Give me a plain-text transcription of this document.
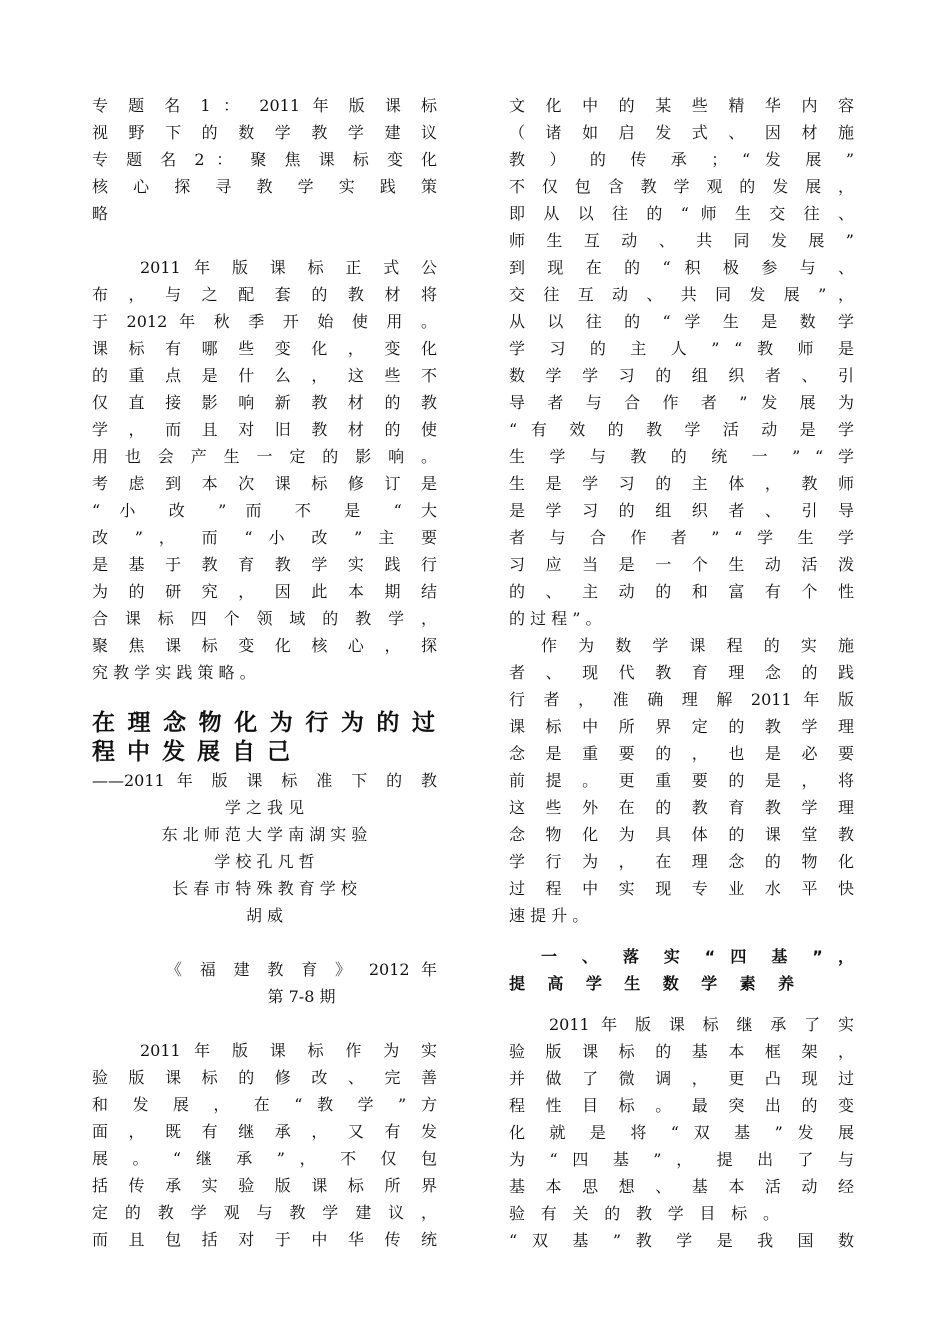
专 题 名 1 ： 2011 年 版 课 标
视 野 下 的 数 学 教 学 建 议
专 题 名 2 ： 聚 焦 课 标 变 化
核 心 探 寻 教 学 实 践 策
略
2011 年 版 课 标 正 式 公
布 ， 与 之 配 套 的 教 材 将
于 2012 年 秋 季 开 始 使 用 。
课 标 有 哪 些 变 化 ， 变 化
的 重 点 是 什 么 ， 这 些 不
仅 直 接 影 响 新 教 材 的 教
学 ， 而 且 对 旧 教 材 的 使
用 也 会 产 生 一 定 的 影 响 。
考 虑 到 本 次 课 标 修 订 是
“ 小 改 ” 而 不 是 “ 大
改 ” ， 而 “ 小 改 ” 主 要
是 基 于 教 育 教 学 实 践 行
为 的 研 究 ， 因 此 本 期 结
合 课 标 四 个 领 域 的 教 学 ，
聚 焦 课 标 变 化 核 心 ， 探
究 教 学 实 践 策 略 。
在 理 念 物 化 为 行 为 的 过
程 中 发 展 自 己
——2011 年 版 课 标 准 下 的 教
学 之 我 见
东 北 师 范 大 学 南 湖 实 验
学 校 孔 凡 哲
长 春 市 特 殊 教 育 学 校
胡 威
《 福 建 教 育 》 2012 年
第 7-8 期
2011 年 版 课 标 作 为 实
验 版 课 标 的 修 改 、 完 善
和 发 展 ， 在 “ 教 学 ” 方
面 ， 既 有 继 承 ， 又 有 发
展 。 “ 继 承 ” ， 不 仅 包
括 传 承 实 验 版 课 标 所 界
定 的 教 学 观 与 教 学 建 议 ，
而 且 包 括 对 于 中 华 传 统
文 化 中 的 某 些 精 华 内 容
（ 诸 如 启 发 式 、 因 材 施
教 ） 的 传 承 ； “ 发 展 ”
不 仅 包 含 教 学 观 的 发 展 ，
即 从 以 往 的 “ 师 生 交 往 、
师 生 互 动 、 共 同 发 展 ”
到 现 在 的 “ 积 极 参 与 、
交 往 互 动 、 共 同 发 展 ” ，
从 以 往 的 “ 学 生 是 数 学
学 习 的 主 人 ” “ 教 师 是
数 学 学 习 的 组 织 者 、 引
导 者 与 合 作 者 ” 发 展 为
“ 有 效 的 教 学 活 动 是 学
生 学 与 教 的 统 一 ” “ 学
生 是 学 习 的 主 体 ， 教 师
是 学 习 的 组 织 者 、 引 导
者 与 合 作 者 ” “ 学 生 学
习 应 当 是 一 个 生 动 活 泼
的 、 主 动 的 和 富 有 个 性
的 过 程 ” 。
作 为 数 学 课 程 的 实 施
者 、 现 代 教 育 理 念 的 践
行 者 ， 准 确 理 解 2011 年 版
课 标 中 所 界 定 的 教 学 理
念 是 重 要 的 ， 也 是 必 要
前 提 。 更 重 要 的 是 ， 将
这 些 外 在 的 教 育 教 学 理
念 物 化 为 具 体 的 课 堂 教
学 行 为 ， 在 理 念 的 物 化
过 程 中 实 现 专 业 水 平 快
速 提 升 。
一 、 落 实 “ 四 基 ” ，
提 高 学 生 数 学 素 养
2011 年 版 课 标 继 承 了 实
验 版 课 标 的 基 本 框 架 ，
并 做 了 微 调 ， 更 凸 现 过
程 性 目 标 。 最 突 出 的 变
化 就 是 将 “ 双 基 ” 发 展
为 “ 四 基 ” ， 提 出 了 与
基 本 思 想 、 基 本 活 动 经
验 有 关 的 教 学 目 标 。
“ 双 基 ” 教 学 是 我 国 数
